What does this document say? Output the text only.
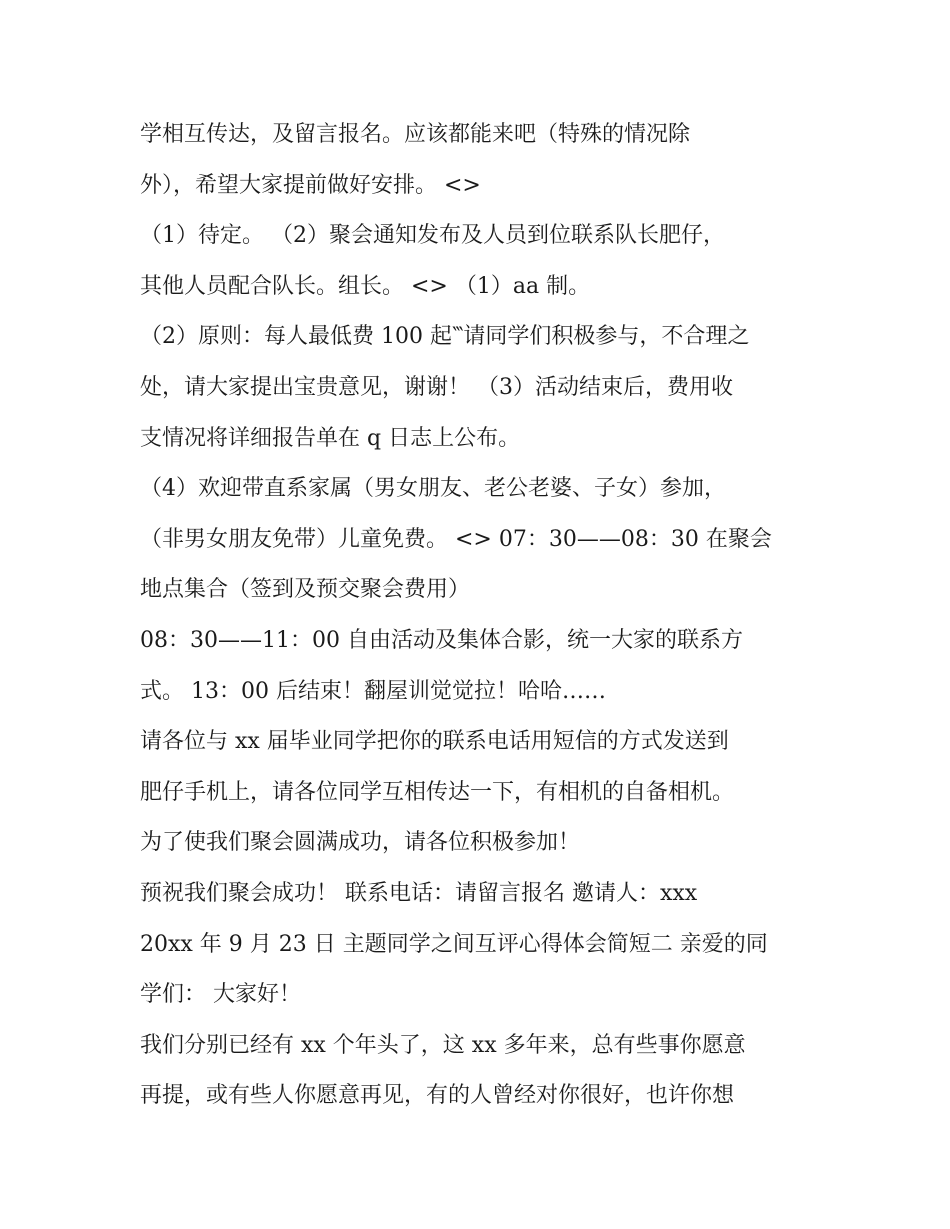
学相互传达，及留言报名。应该都能来吧（特殊的情况除
外），希望大家提前做好安排。 <>
（1）待定。 （2）聚会通知发布及人员到位联系队长肥仔，
其他人员配合队长。组长。 <> （1）aa 制。
（2）原则：每人最低费 100 起‷请同学们积极参与，不合理之
处，请大家提出宝贵意见，谢谢！ （3）活动结束后，费用收
支情况将详细报告单在 q 日志上公布。
（4）欢迎带直系家属（男女朋友、老公老婆、子女）参加，
（非男女朋友免带）儿童免费。 <> 07：30——08：30 在聚会
地点集合（签到及预交聚会费用）
08：30——11：00 自由活动及集体合影，统一大家的联系方
式。 13：00 后结束！翻屋训觉觉拉！哈哈……
请各位与 xx 届毕业同学把你的联系电话用短信的方式发送到
肥仔手机上，请各位同学互相传达一下，有相机的自备相机。
为了使我们聚会圆满成功，请各位积极参加！
预祝我们聚会成功！ 联系电话：请留言报名 邀请人：xxx
20xx 年 9 月 23 日 主题同学之间互评心得体会简短二 亲爱的同
学们： 大家好！
我们分别已经有 xx 个年头了，这 xx 多年来，总有些事你愿意
再提，或有些人你愿意再见，有的人曾经对你很好，也许你想
